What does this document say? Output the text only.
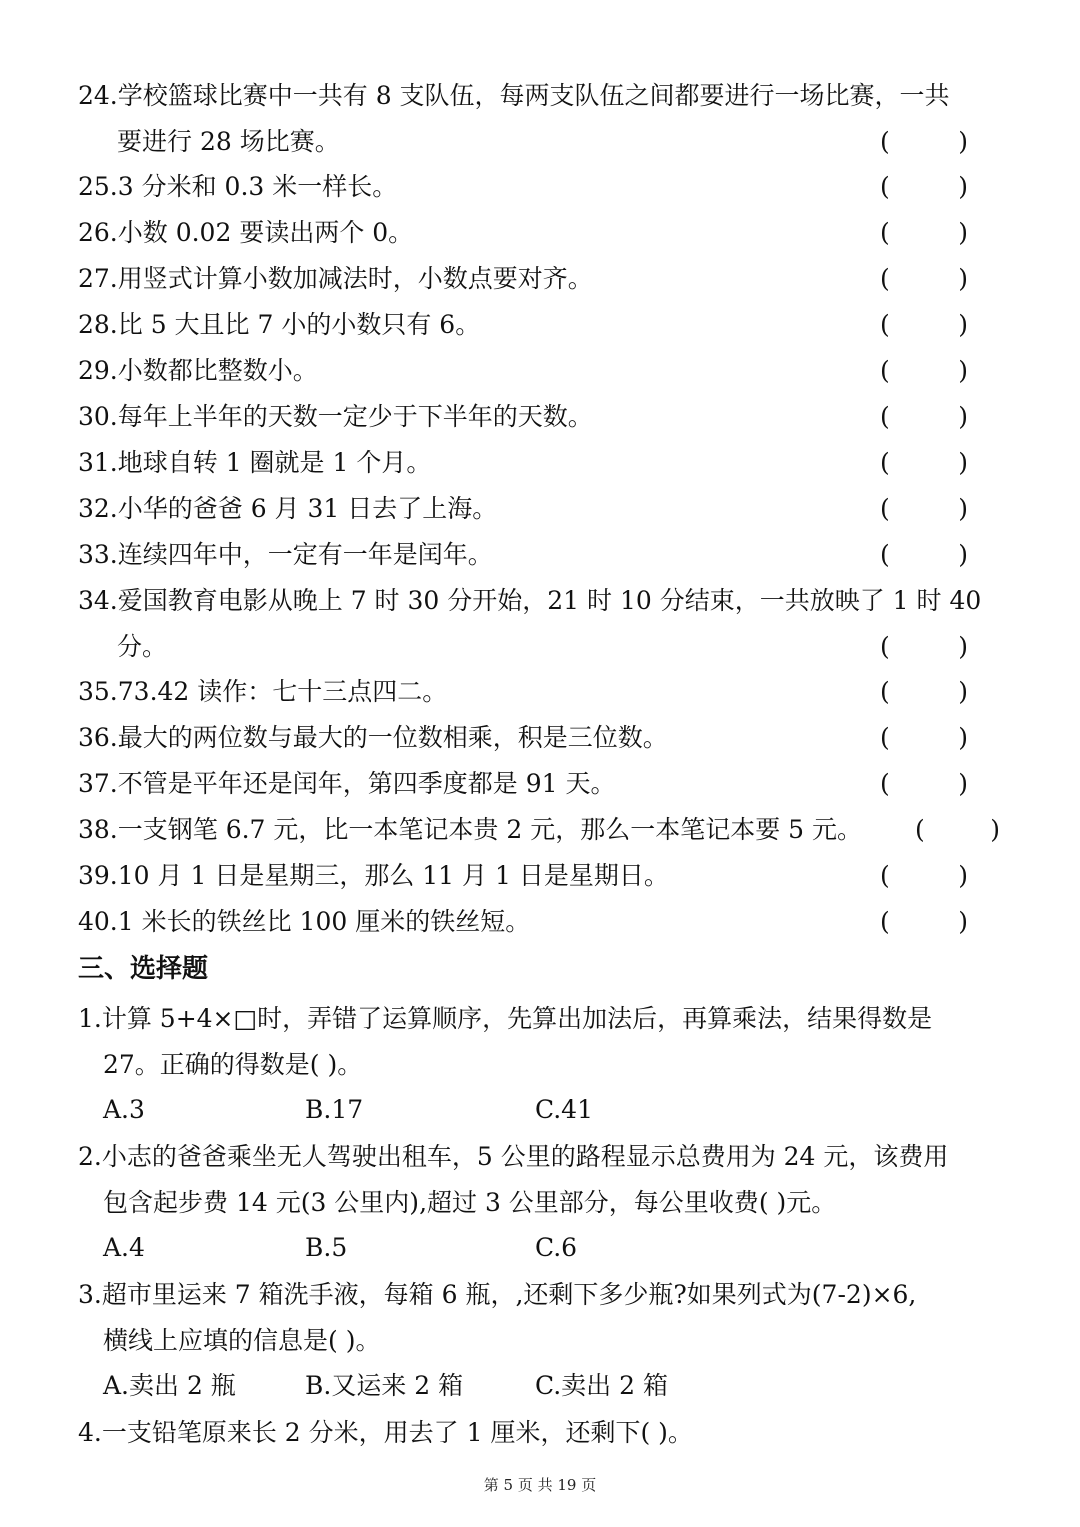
24.学校篮球比赛中一共有 8 支队伍，每两支队伍之间都要进行一场比赛，一共
要进行 28 场比赛。	(	)
25.3 分米和 0.3 米一样长。	(	)
26.小数 0.02 要读出两个 0。	(	)
27.用竖式计算小数加减法时，小数点要对齐。	(	)
28.比 5 大且比 7 小的小数只有 6。	(	)
29.小数都比整数小。	(	)
30.每年上半年的天数一定少于下半年的天数。	(	)
31.地球自转 1 圈就是 1 个月。	(	)
32.小华的爸爸 6 月 31 日去了上海。	(	)
33.连续四年中，一定有一年是闰年。	(	)
34.爱国教育电影从晚上 7 时 30 分开始，21 时 10 分结束，一共放映了 1 时 40
分。	(	)
35.73.42 读作：七十三点四二。	(	)
36.最大的两位数与最大的一位数相乘，积是三位数。	(	)
37.不管是平年还是闰年，第四季度都是 91 天。	(	)
38.一支钢笔 6.7 元，比一本笔记本贵 2 元，那么一本笔记本要 5 元。 (	)
39.10 月 1 日是星期三，那么 11 月 1 日是星期日。	(	)
40.1 米长的铁丝比 100 厘米的铁丝短。	(	)
三、选择题
1.计算 5+4×□时，弄错了运算顺序，先算出加法后，再算乘法，结果得数是
27。正确的得数是( )。
A.3	B.17	C.41
2.小志的爸爸乘坐无人驾驶出租车，5 公里的路程显示总费用为 24 元，该费用
包含起步费 14 元(3 公里内),超过 3 公里部分，每公里收费( )元。
A.4	B.5	C.6
3.超市里运来 7 箱洗手液，每箱 6 瓶，,还剩下多少瓶?如果列式为(7-2)×6,
横线上应填的信息是( )。
A.卖出 2 瓶	B.又运来 2 箱	C.卖出 2 箱
4.一支铅笔原来长 2 分米，用去了 1 厘米，还剩下( )。
第 5 页 共 19 页
